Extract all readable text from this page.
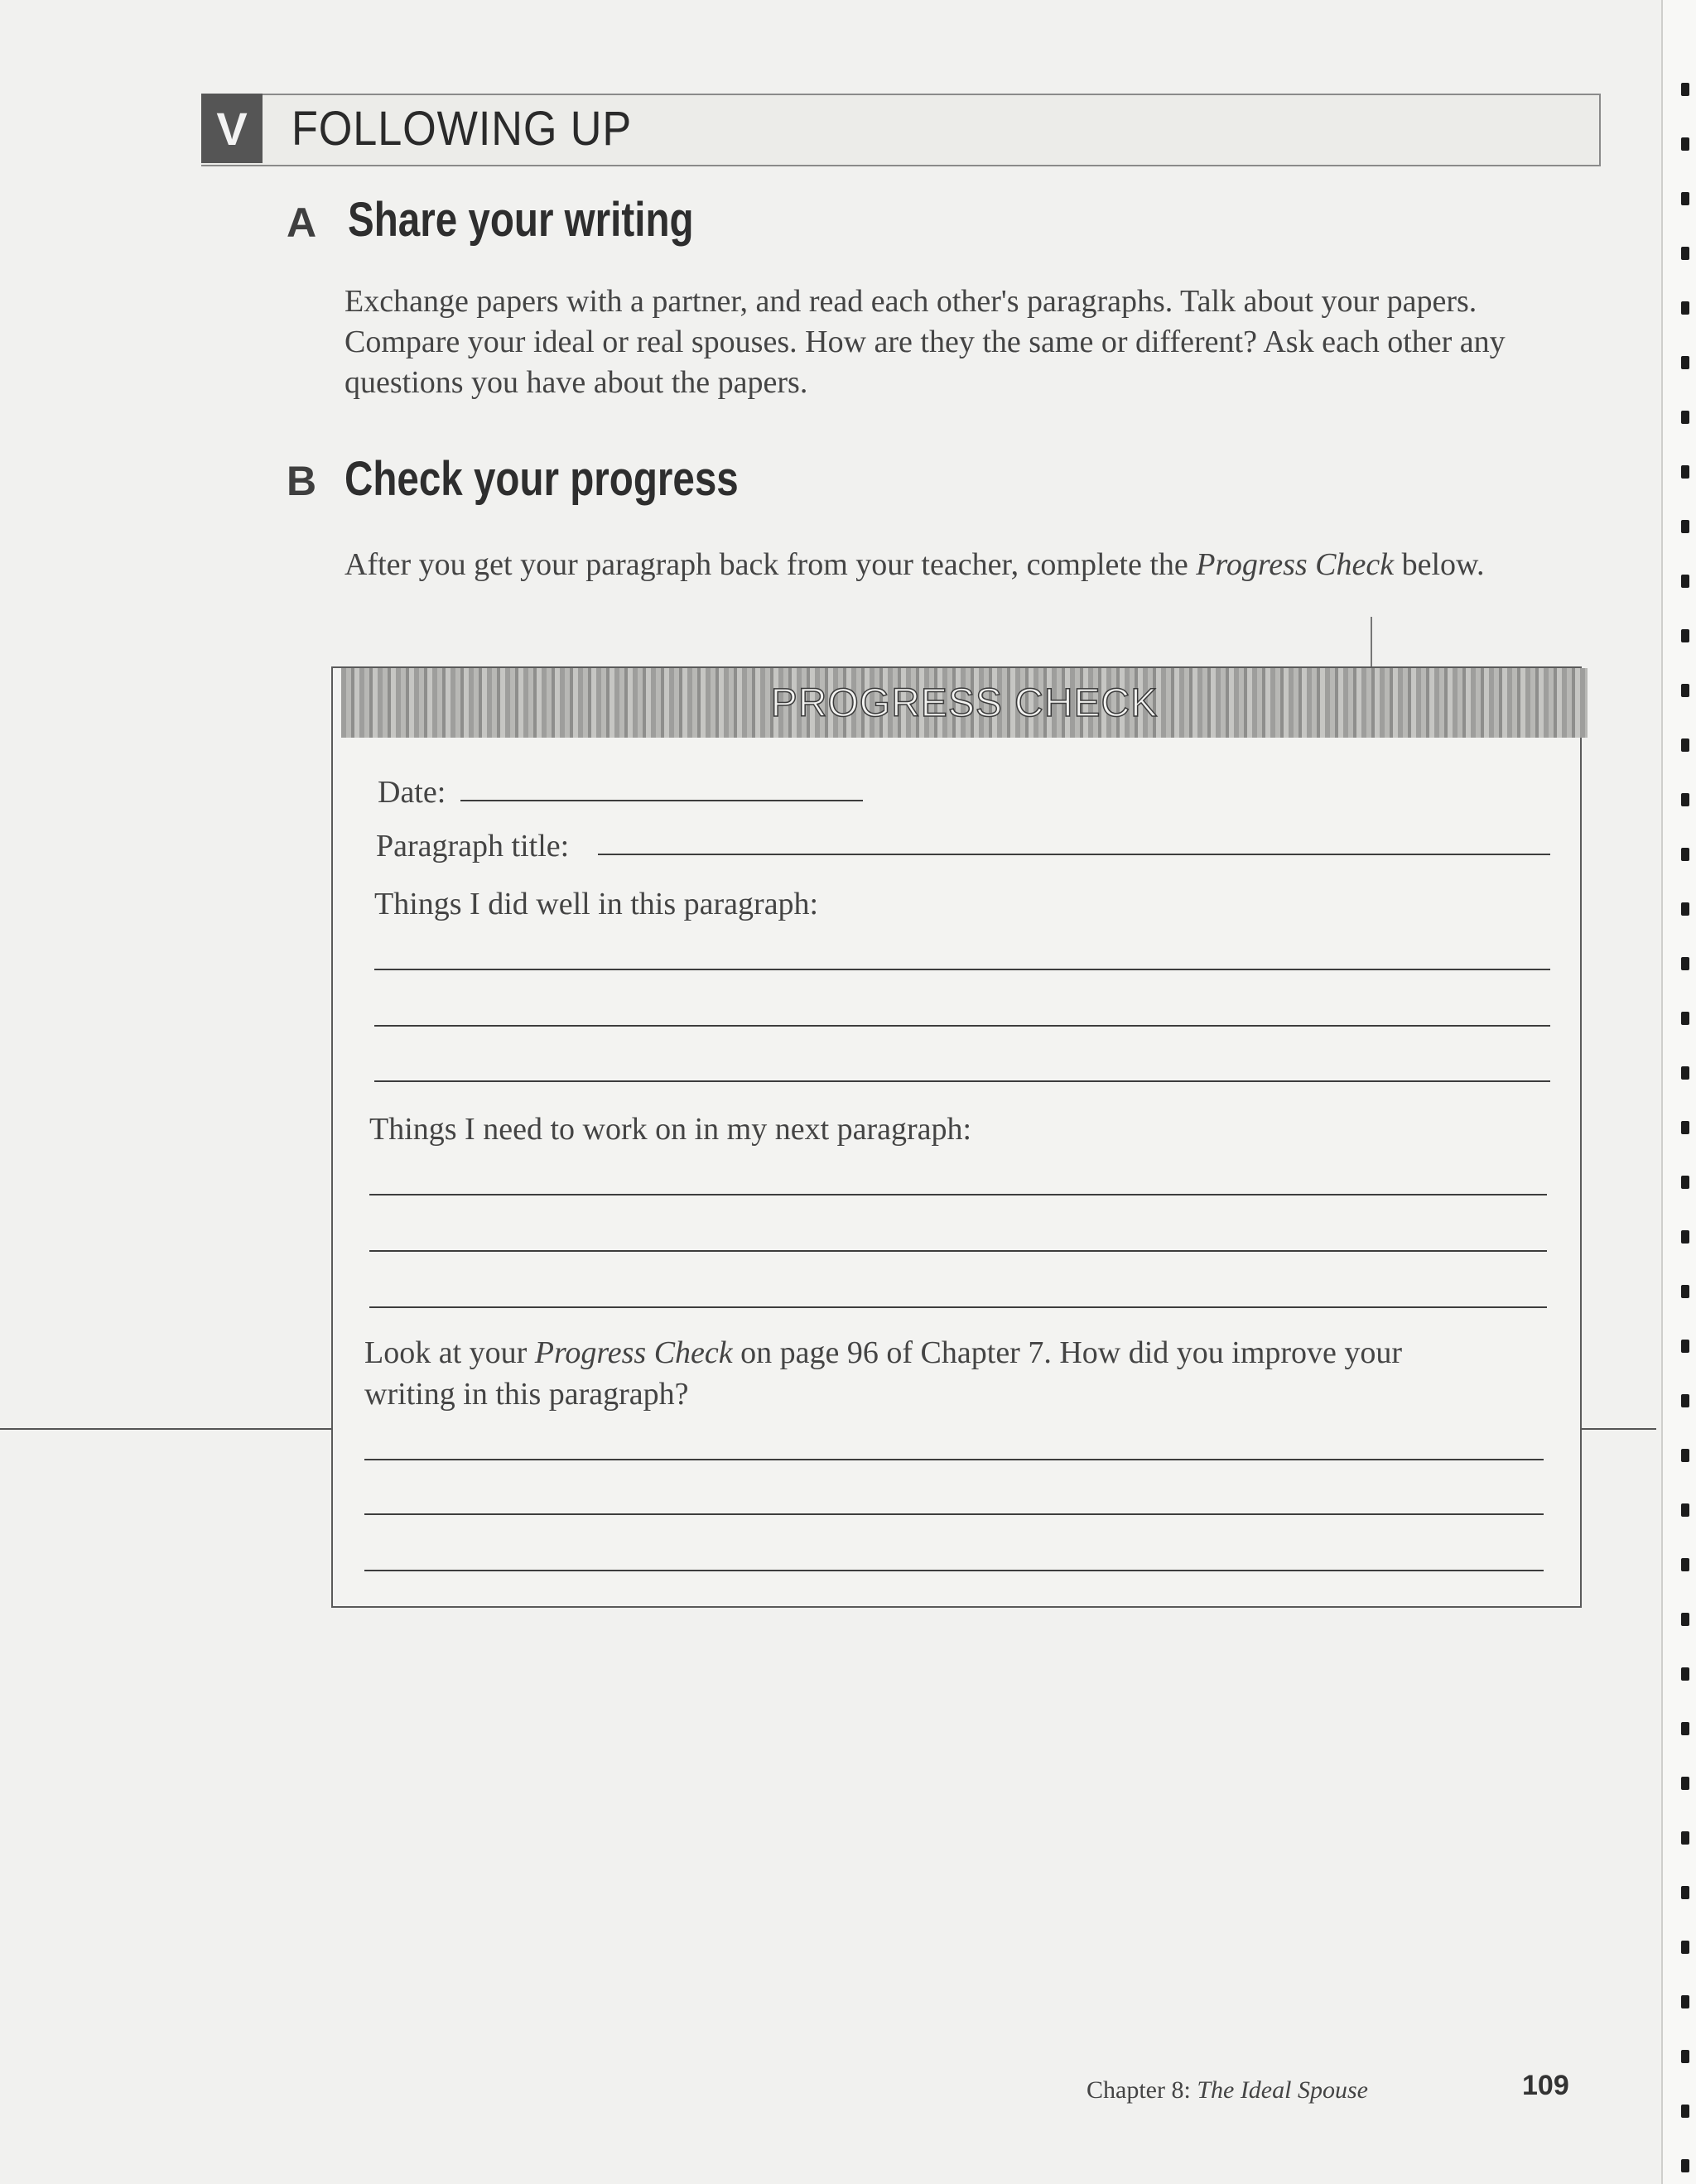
V FOLLOWING UP
A Share your writing
Exchange papers with a partner, and read each other's paragraphs. Talk about your papers. Compare your ideal or real spouses. How are they the same or different? Ask each other any questions you have about the papers.
B Check your progress
After you get your paragraph back from your teacher, complete the Progress Check below.
PROGRESS CHECK
Date:
Paragraph title:
Things I did well in this paragraph:
Things I need to work on in my next paragraph:
Look at your Progress Check on page 96 of Chapter 7. How did you improve your
writing in this paragraph?
Chapter 8: The Ideal Spouse	109
